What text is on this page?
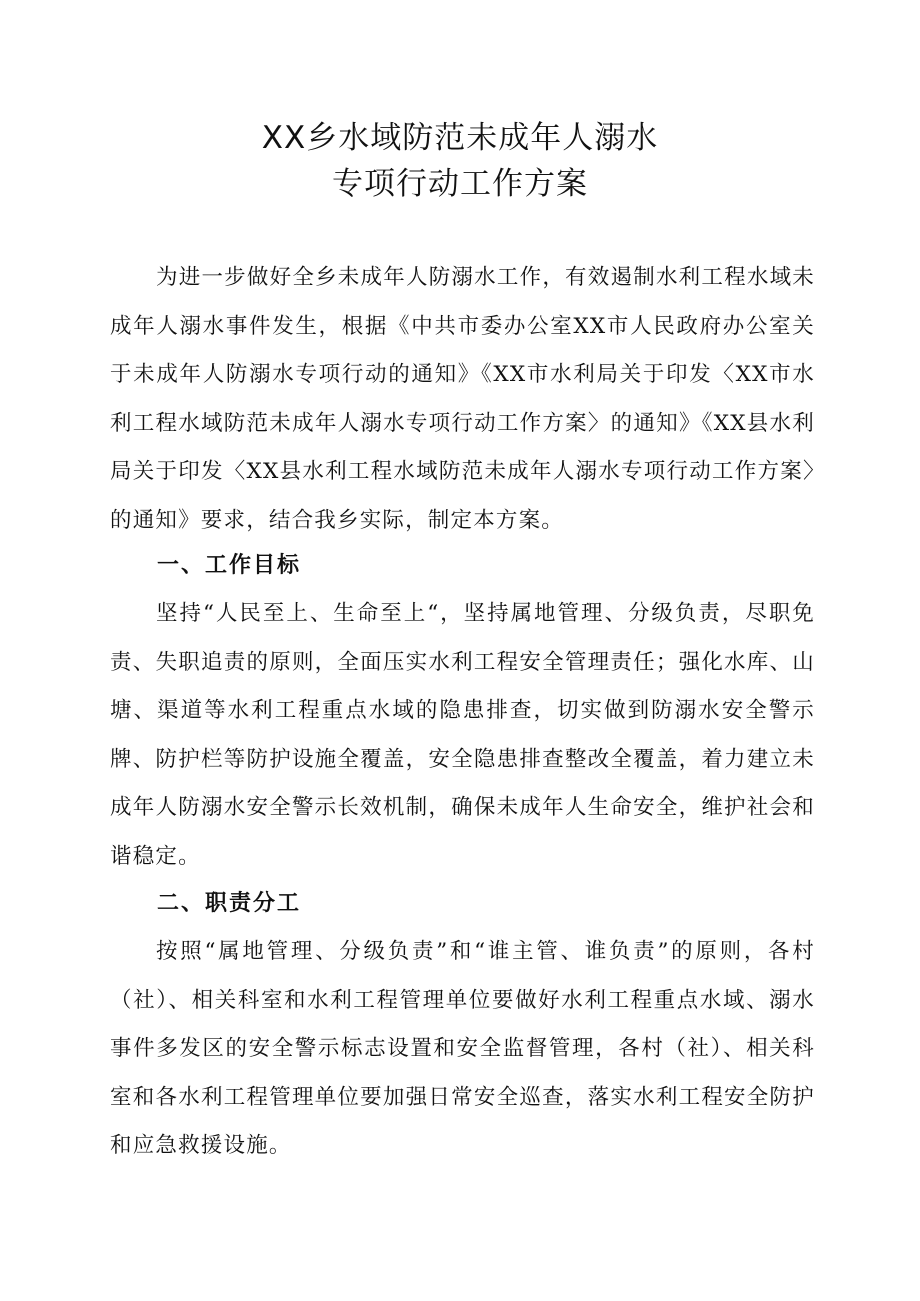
XX乡水域防范未成年人溺水
专项行动工作方案

为进一步做好全乡未成年人防溺水工作，有效遏制水利工程水域未成年人溺水事件发生，根据《中共市委办公室XX市人民政府办公室关于未成年人防溺水专项行动的通知》《XX市水利局关于印发〈XX市水利工程水域防范未成年人溺水专项行动工作方案〉的通知》《XX县水利局关于印发〈XX县水利工程水域防范未成年人溺水专项行动工作方案〉的通知》要求，结合我乡实际，制定本方案。

一、工作目标

坚持“人民至上、生命至上“，坚持属地管理、分级负责，尽职免责、失职追责的原则，全面压实水利工程安全管理责任；强化水库、山塘、渠道等水利工程重点水域的隐患排查，切实做到防溺水安全警示牌、防护栏等防护设施全覆盖，安全隐患排查整改全覆盖，着力建立未成年人防溺水安全警示长效机制，确保未成年人生命安全，维护社会和谐稳定。

二、职责分工

按照“属地管理、分级负责”和“谁主管、谁负责”的原则，各村（社）、相关科室和水利工程管理单位要做好水利工程重点水域、溺水事件多发区的安全警示标志设置和安全监督管理，各村（社）、相关科室和各水利工程管理单位要加强日常安全巡查，落实水利工程安全防护和应急救援设施。
